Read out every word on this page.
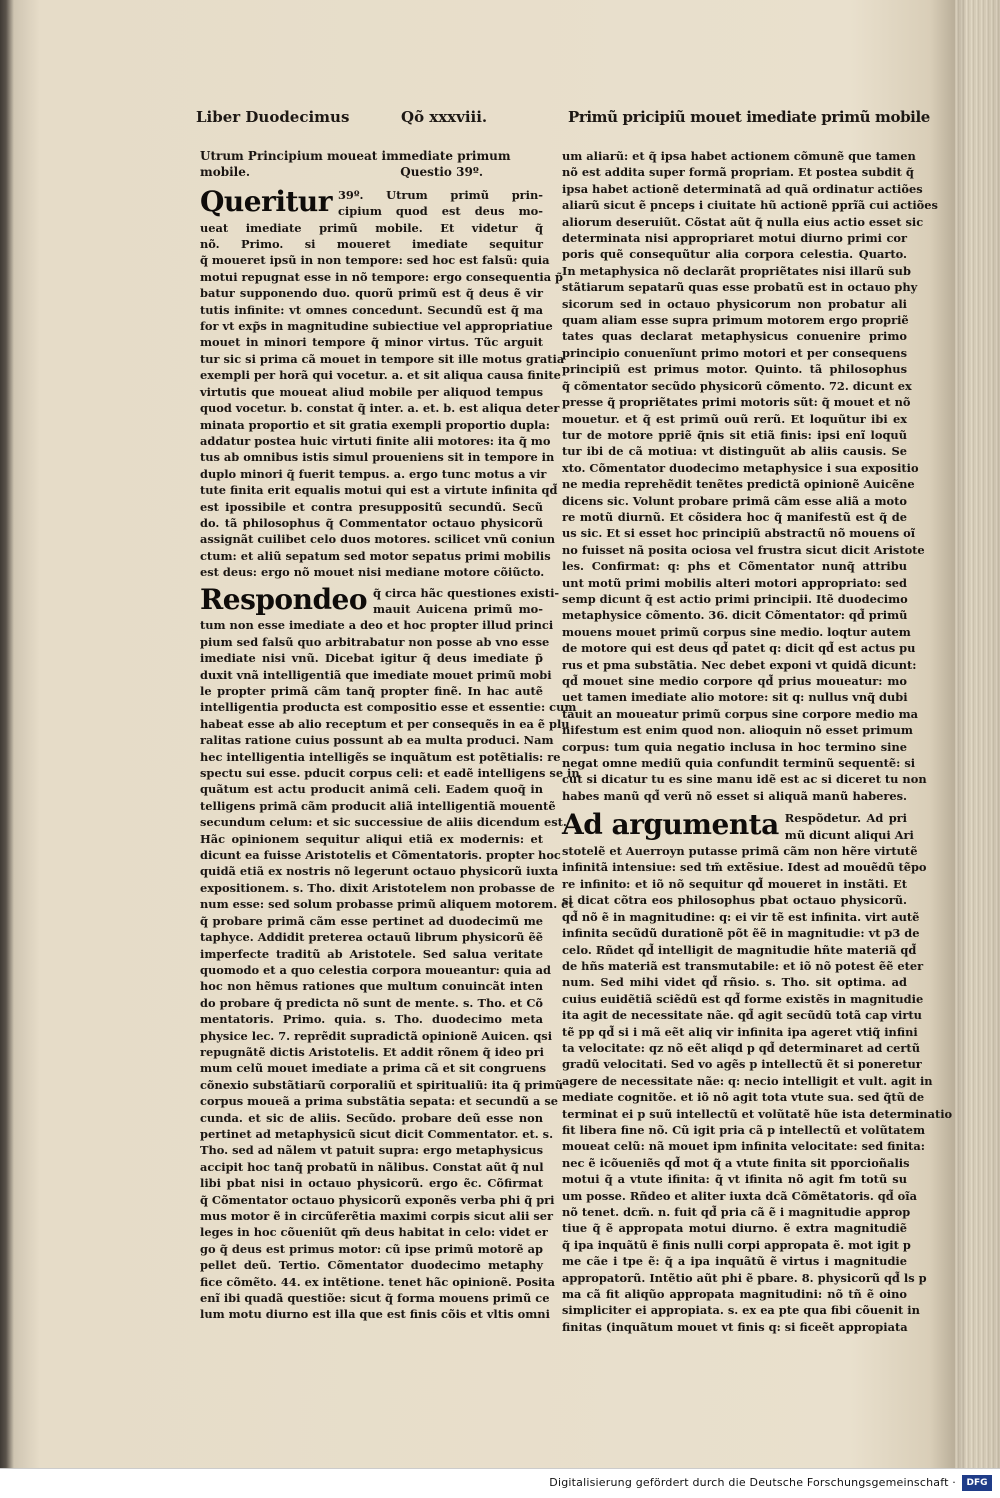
Liber Duodecimus	Qõ xxxviii.	Primũ pricipiũ mouet imediate primũ mobile
Utrum Principium moueat immediate primum
mobile.	Questio 39º.
Queritur 39º. Utrum primũ prin-
cipium quod est deus mo-
ueat imediate primũ mobile. Et videtur q̃
nõ. Primo. si moueret imediate sequitur
q̃ moueret ipsũ in non tempore: sed hoc est falsũ: quia
motui repugnat esse in nõ tempore: ergo consequentia p̃
batur supponendo duo. quorũ primũ est q̃ deus ẽ vir
tutis infinite: vt omnes concedunt. Secundũ est q̃ ma
for vt exp̃s in magnitudine subiectiue vel appropriatiue
mouet in minori tempore q̃ minor virtus. Tũc arguit
tur sic si prima cã mouet in tempore sit ille motus gratia
exempli per horã qui vocetur. a. et sit aliqua causa finite
virtutis que moueat aliud mobile per aliquod tempus
quod vocetur. b. constat q̃ inter. a. et. b. est aliqua deter
minata proportio et sit gratia exempli proportio dupla:
addatur postea huic virtuti finite alii motores: ita q̃ mo
tus ab omnibus istis simul proueniens sit in tempore in
duplo minori q̃ fuerit tempus. a. ergo tunc motus a vir
tute finita erit equalis motui qui est a virtute infinita qd̃
est ipossibile et contra presuppositũ secundũ. Secũ
do. tã philosophus q̃ Commentator octauo physicorũ
assignãt cuilibet celo duos motores. scilicet vnũ coniun
ctum: et aliũ sepatum sed motor sepatus primi mobilis
est deus: ergo nõ mouet nisi mediane motore cõiũcto.
Respondeo q̃ circa hãc questiones existi-
mauit Auicena primũ mo-
tum non esse imediate a deo et hoc propter illud princi
pium sed falsũ quo arbitrabatur non posse ab vno esse
imediate nisi vnũ. Dicebat igitur q̃ deus imediate p̃
duxit vnã intelligentiã que imediate mouet primũ mobi
le propter primã cãm tanq̃ propter finẽ. In hac autẽ
intelligentia producta est compositio esse et essentie: cum
habeat esse ab alio receptum et per consequẽs in ea ẽ plu
ralitas ratione cuius possunt ab ea multa produci. Nam
hec intelligentia intelligẽs se inquãtum est potẽtialis: re
spectu sui esse. pducit corpus celi: et eadẽ intelligens se in
quãtum est actu producit animã celi. Eadem quoq̃ in
telligens primã cãm producit aliã intelligentiã mouentẽ
secundum celum: et sic successiue de aliis dicendum est.
Hãc opinionem sequitur aliqui etiã ex modernis: et
dicunt ea fuisse Aristotelis et Cõmentatoris. propter hoc
quidã etiã ex nostris nõ legerunt octauo physicorũ iuxta
expositionem. s. Tho. dixit Aristotelem non probasse de
num esse: sed solum probasse primũ aliquem motorem. et
q̃ probare primã cãm esse pertinet ad duodecimũ me
taphyce. Addidit preterea octauũ librum physicorũ ẽẽ
imperfecte traditũ ab Aristotele. Sed salua veritate
quomodo et a quo celestia corpora moueantur: quia ad
hoc non hẽmus rationes que multum conuincãt inten
do probare q̃ predicta nõ sunt de mente. s. Tho. et Cõ
mentatoris. Primo. quia. s. Tho. duodecimo meta
physice lec. 7. reprẽdit supradictã opinionẽ Auicen. qsi
repugnãtẽ dictis Aristotelis. Et addit rõnem q̃ ideo pri
mum celũ mouet imediate a prima cã et sit congruens
cõnexio substãtiarũ corporaliũ et spiritualiũ: ita q̃ primũ
corpus moueã a prima substãtia sepata: et secundũ a se
cunda. et sic de aliis. Secũdo. probare deũ esse non
pertinet ad metaphysicũ sicut dicit Commentator. et. s.
Tho. sed ad nãlem vt patuit supra: ergo metaphysicus
accipit hoc tanq̃ probatũ in nãlibus. Constat aũt q̃ nul
libi pbat nisi in octauo physicorũ. ergo ẽc. Cõfirmat
q̃ Cõmentator octauo physicorũ exponẽs verba phi q̃ pri
mus motor ẽ in circũferẽtia maximi corpis sicut alii ser
leges in hoc cõueniũt qm̃ deus habitat in celo: videt er
go q̃ deus est primus motor: cũ ipse primũ motorẽ ap
pellet deũ. Tertio. Cõmentator duodecimo metaphy
fice cõmẽto. 44. ex intẽtione. tenet hãc opinionẽ. Posita
enĩ ibi quadã questiõe: sicut q̃ forma mouens primũ ce
lum motu diurno est illa que est finis cõis et vltis omni
um aliarũ: et q̃ ipsa habet actionem cõmunẽ que tamen
nõ est addita super formã propriam. Et postea subdit q̃
ipsa habet actionẽ determinatã ad quã ordinatur actiões
aliarũ sicut ẽ pnceps i ciuitate hũ actionẽ pprĩã cui actiões
aliorum deseruiũt. Cõstat aũt q̃ nulla eius actio esset sic
determinata nisi appropriaret motui diurno primi cor
poris quẽ consequũtur alia corpora celestia. Quarto.
In metaphysica nõ declarãt propriẽtates nisi illarũ sub
stãtiarum sepatarũ quas esse probatũ est in octauo phy
sicorum sed in octauo physicorum non probatur ali
quam aliam esse supra primum motorem ergo propriẽ
tates quas declarat metaphysicus conuenire primo
principio conuenĩunt primo motori et per consequens
principiũ est primus motor. Quinto. tã philosophus
q̃ cõmentator secũdo physicorũ cõmento. 72. dicunt ex
presse q̃ propriẽtates primi motoris sũt: q̃ mouet et nõ
mouetur. et q̃ est primũ ouũ rerũ. Et loquũtur ibi ex
tur de motore ppriẽ q̃nis sit etiã finis: ipsi enĩ loquũ
tur ibi de cã motiua: vt distinguũt ab aliis causis. Se
xto. Cõmentator duodecimo metaphysice i sua expositio
ne media reprehẽdit tenẽtes predictã opinionẽ Auicẽne
dicens sic. Volunt probare primã cãm esse aliã a moto
re motũ diurnũ. Et cõsidera hoc q̃ manifestũ est q̃ de
us sic. Et si esset hoc principiũ abstractũ nõ mouens oĩ
no fuisset nã posita ociosa vel frustra sicut dicit Aristote
les. Confirmat: q: phs et Cõmentator nunq̃ attribu
unt motũ primi mobilis alteri motori appropriato: sed
semp dicunt q̃ est actio primi principii. Itẽ duodecimo
metaphysice cõmento. 36. dicit Cõmentator: qd̃ primũ
mouens mouet primũ corpus sine medio. loqtur autem
de motore qui est deus qd̃ patet q: dicit qd̃ est actus pu
rus et pma substãtia. Nec debet exponi vt quidã dicunt:
qd̃ mouet sine medio corpore qd̃ prius moueatur: mo
uet tamen imediate alio motore: sit q: nullus vnq̃ dubi
tauit an moueatur primũ corpus sine corpore medio ma
nifestum est enim quod non. alioquin nõ esset primum
corpus: tum quia negatio inclusa in hoc termino sine
negat omne mediũ quia confundit terminũ sequentẽ: si
cut si dicatur tu es sine manu idẽ est ac si diceret tu non
habes manũ qd̃ verũ nõ esset si aliquã manũ haberes.
Ad argumenta Respõdetur. Ad pri
mũ dicunt aliqui Ari
stotelẽ et Auerroyn putasse primã cãm non hẽre virtutẽ
infinitã intensiue: sed tm̃ extẽsiue. Idest ad mouẽdũ tẽpo
re infinito: et iõ nõ sequitur qd̃ moueret in instãti. Et
si dicat cõtra eos philosophus pbat octauo physicorũ.
qd̃ nõ ẽ in magnitudine: q: ei vir tẽ est infinita. virt autẽ
infinita secũdũ durationẽ põt ẽẽ in magnitudie: vt p3 de
celo. Rñdet qd̃ intelligit de magnitudie hñte materiã qd̃
de hñs materiã est transmutabile: et iõ nõ potest ẽẽ eter
num. Sed mihi videt qd̃ rñsio. s. Tho. sit optima. ad
cuius euidẽtiã sciẽdũ est qd̃ forme existẽs in magnitudie
ita agit de necessitate nãe. qd̃ agit secũdũ totã cap virtu
tẽ pp qd̃ si i mã eẽt aliq vir infinita ipa ageret vtiq̃ infini
ta velocitate: qz nõ eẽt aliqd p qd̃ determinaret ad certũ
gradũ velocitati. Sed vo agẽs p intellectũ ẽt si poneretur
agere de necessitate nãe: q: necio intelligit et vult. agit in
mediate cognitõe. et iõ nõ agit tota vtute sua. sed q̃tũ de
terminat ei p suũ intellectũ et volũtatẽ hũe ista determinatio
fit libera fine nõ. Cũ igit pria cã p intellectũ et volũtatem
moueat celũ: nã mouet ipm infinita velocitate: sed finita:
nec ẽ icõueniẽs qd̃ mot q̃ a vtute finita sit pporcioñalis
motui q̃ a vtute ifinita: q̃ vt ifinita nõ agit fm totũ su
um posse. Rñdeo et aliter iuxta dcã Cõmẽtatoris. qd̃ oĩa
nõ tenet. dcm̃. n. fuit qd̃ pria cã ẽ i magnitudie approp
tiue q̃ ẽ appropata motui diurno. ẽ extra magnitudiẽ
q̃ ipa inquãtũ ẽ finis nulli corpi appropata ẽ. mot igit p
me cãe i tpe ẽ: q̃ a ipa inquãtũ ẽ virtus i magnitudie
appropatorũ. Intẽtio aũt phi ẽ pbare. 8. physicorũ qd̃ ls p
ma cã fit aliqũo appropata magnitudini: nõ tñ ẽ oino
simpliciter ei appropiata. s. ex ea pte qua fibi cõuenit in
finitas (inquãtum mouet vt finis q: si ficeẽt appropiata
Digitalisierung gefördert durch die Deutsche Forschungsgemeinschaft ·	DFG
